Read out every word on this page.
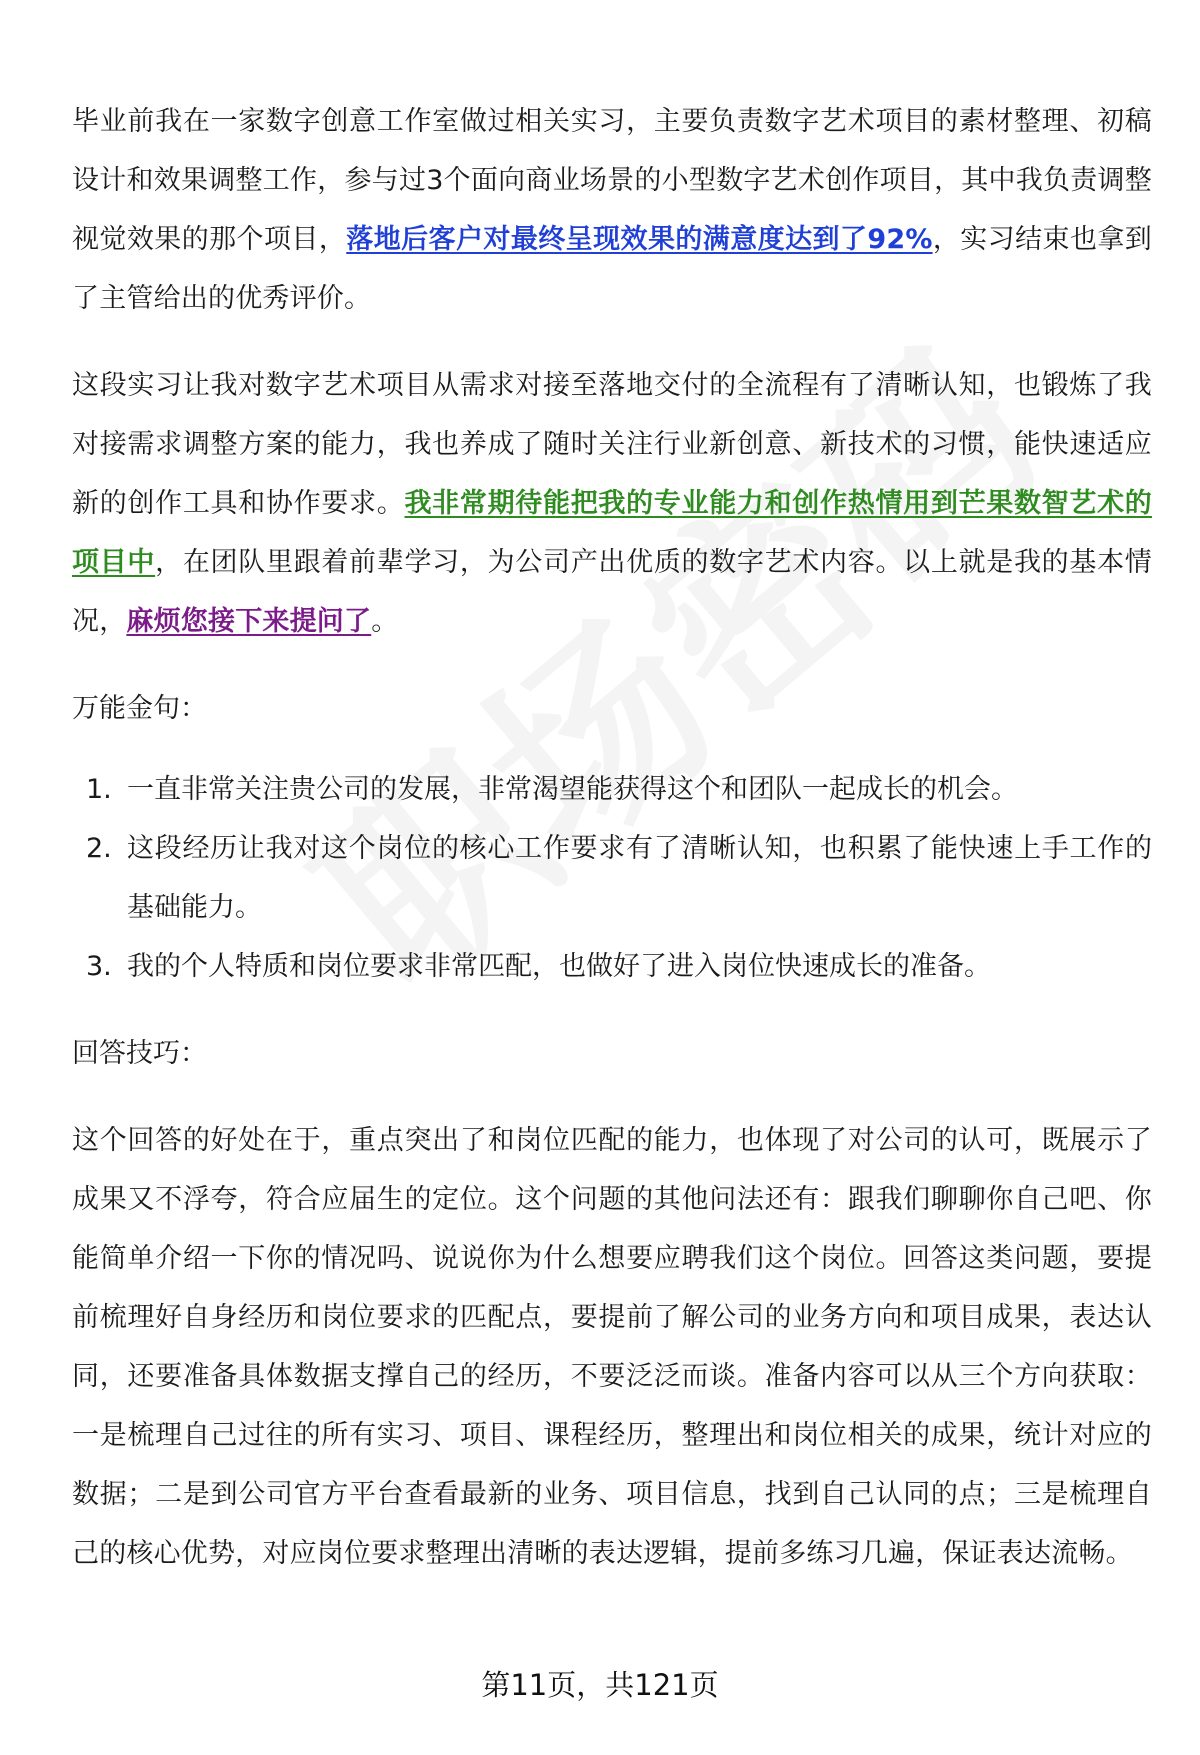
毕业前我在一家数字创意工作室做过相关实习，主要负责数字艺术项目的素材整理、初稿设计和效果调整工作，参与过3个面向商业场景的小型数字艺术创作项目，其中我负责调整视觉效果的那个项目，落地后客户对最终呈现效果的满意度达到了92%，实习结束也拿到了主管给出的优秀评价。

这段实习让我对数字艺术项目从需求对接至落地交付的全流程有了清晰认知，也锻炼了我对接需求调整方案的能力，我也养成了随时关注行业新创意、新技术的习惯，能快速适应新的创作工具和协作要求。我非常期待能把我的专业能力和创作热情用到芒果数智艺术的项目中，在团队里跟着前辈学习，为公司产出优质的数字艺术内容。以上就是我的基本情况，麻烦您接下来提问了。

万能金句：

1. 一直非常关注贵公司的发展，非常渴望能获得这个和团队一起成长的机会。
2. 这段经历让我对这个岗位的核心工作要求有了清晰认知，也积累了能快速上手工作的基础能力。
3. 我的个人特质和岗位要求非常匹配，也做好了进入岗位快速成长的准备。

回答技巧：

这个回答的好处在于，重点突出了和岗位匹配的能力，也体现了对公司的认可，既展示了成果又不浮夸，符合应届生的定位。这个问题的其他问法还有：跟我们聊聊你自己吧、你能简单介绍一下你的情况吗、说说你为什么想要应聘我们这个岗位。回答这类问题，要提前梳理好自身经历和岗位要求的匹配点，要提前了解公司的业务方向和项目成果，表达认同，还要准备具体数据支撑自己的经历，不要泛泛而谈。准备内容可以从三个方向获取：一是梳理自己过往的所有实习、项目、课程经历，整理出和岗位相关的成果，统计对应的数据；二是到公司官方平台查看最新的业务、项目信息，找到自己认同的点；三是梳理自己的核心优势，对应岗位要求整理出清晰的表达逻辑，提前多练习几遍，保证表达流畅。

第11页，共121页
